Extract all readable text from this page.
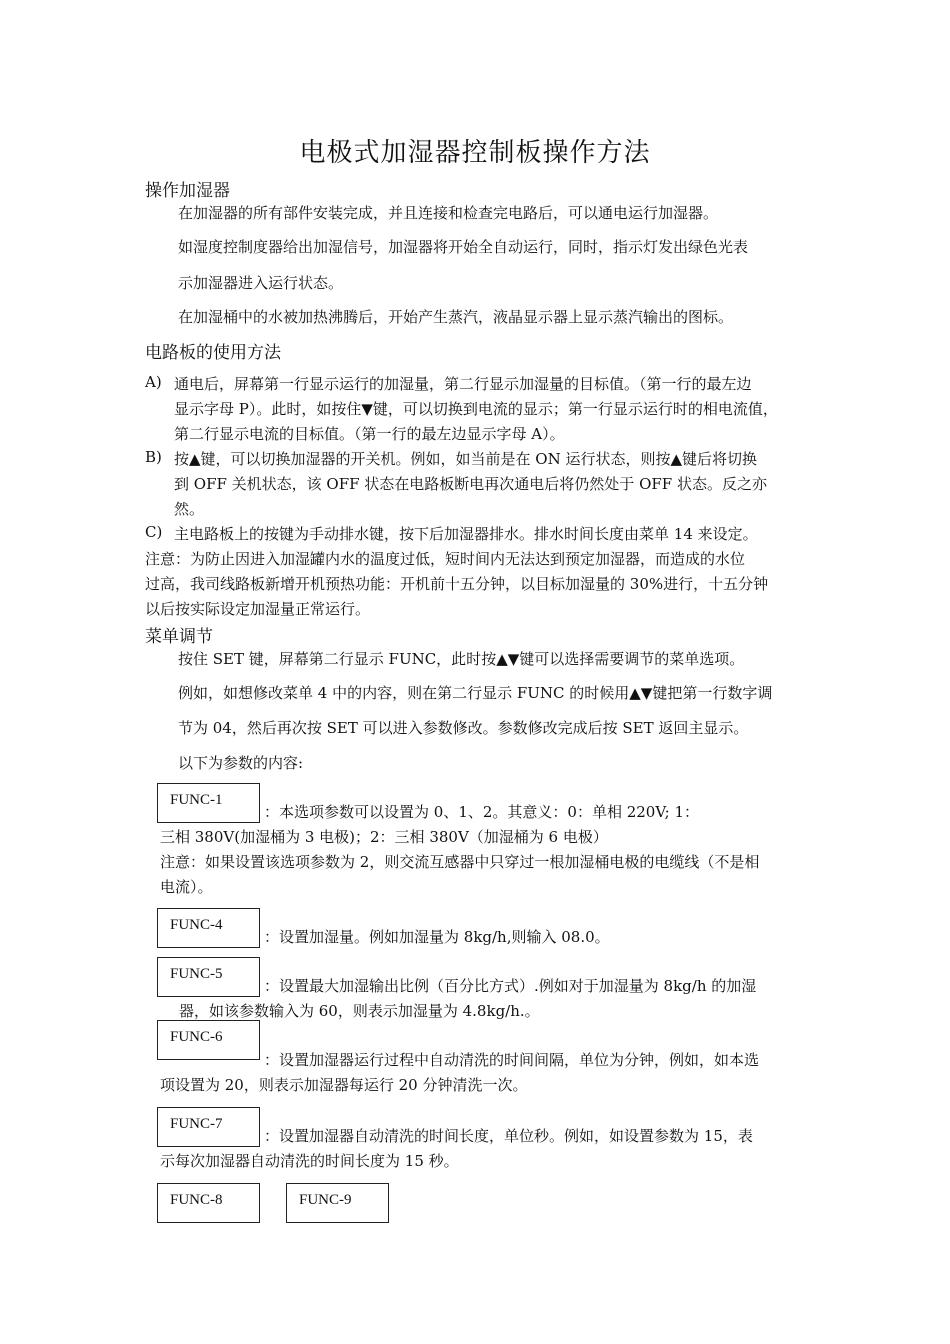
电极式加湿器控制板操作方法
操作加湿器
在加湿器的所有部件安装完成，并且连接和检查完电路后，可以通电运行加湿器。
如湿度控制度器给出加湿信号，加湿器将开始全自动运行，同时，指示灯发出绿色光表
示加湿器进入运行状态。
在加湿桶中的水被加热沸腾后，开始产生蒸汽，液晶显示器上显示蒸汽输出的图标。
电路板的使用方法
A) 通电后，屏幕第一行显示运行的加湿量，第二行显示加湿量的目标值。（第一行的最左边
显示字母 P）。此时，如按住▼键，可以切换到电流的显示；第一行显示运行时的相电流值，
第二行显示电流的目标值。（第一行的最左边显示字母 A）。
B) 按▲键，可以切换加湿器的开关机。例如，如当前是在 ON 运行状态，则按▲键后将切换
到 OFF 关机状态，该 OFF 状态在电路板断电再次通电后将仍然处于 OFF 状态。反之亦
然。
C) 主电路板上的按键为手动排水键，按下后加湿器排水。排水时间长度由菜单 14 来设定。
注意：为防止因进入加湿罐内水的温度过低，短时间内无法达到预定加湿器，而造成的水位
过高，我司线路板新增开机预热功能：开机前十五分钟，以目标加湿量的 30%进行，十五分钟
以后按实际设定加湿量正常运行。
菜单调节
按住 SET 键，屏幕第二行显示 FUNC，此时按▲▼键可以选择需要调节的菜单选项。
例如，如想修改菜单 4 中的内容，则在第二行显示 FUNC 的时候用▲▼键把第一行数字调
节为 04，然后再次按 SET 可以进入参数修改。参数修改完成后按 SET 返回主显示。
以下为参数的内容:
FUNC-1
：本选项参数可以设置为 0、1、2。其意义：0：单相 220V; 1：
三相 380V(加湿桶为 3 电极)；2：三相 380V（加湿桶为 6 电极）
注意：如果设置该选项参数为 2，则交流互感器中只穿过一根加湿桶电极的电缆线（不是相
电流）。
FUNC-4
：设置加湿量。例如加湿量为 8kg/h,则输入 08.0。
FUNC-5
：设置最大加湿输出比例（百分比方式）.例如对于加湿量为 8kg/h 的加湿
器，如该参数输入为 60，则表示加湿量为 4.8kg/h.。
FUNC-6
：设置加湿器运行过程中自动清洗的时间间隔，单位为分钟，例如，如本选
项设置为 20，则表示加湿器每运行 20 分钟清洗一次。
FUNC-7
：设置加湿器自动清洗的时间长度，单位秒。例如，如设置参数为 15，表
示每次加湿器自动清洗的时间长度为 15 秒。
FUNC-8	FUNC-9
